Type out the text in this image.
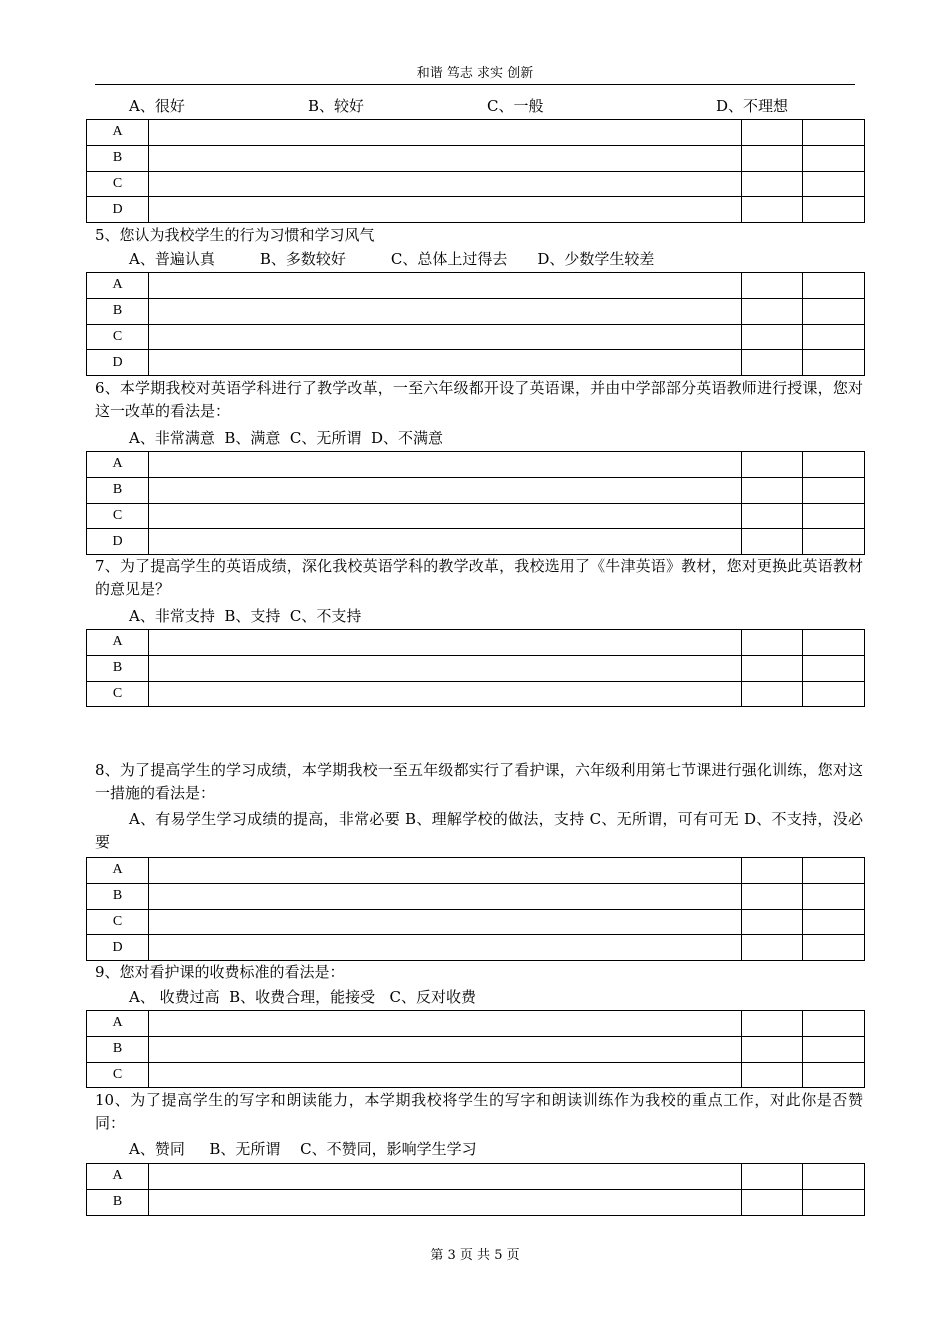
和谐 笃志 求实 创新
A、很好	B、较好	C、一般	D、不理想
A			
B			
C			
D			
5、您认为我校学生的行为习惯和学习风气
A、普遍认真　　　B、多数较好　　　C、总体上过得去　　D、少数学生较差
A			
B			
C			
D			
6、本学期我校对英语学科进行了教学改革，一至六年级都开设了英语课，并由中学部部分英语教师进行授课，您对这一改革的看法是：
A、非常满意  B、满意  C、无所谓  D、不满意
A			
B			
C			
D			
7、为了提高学生的英语成绩，深化我校英语学科的教学改革，我校选用了《牛津英语》教材，您对更换此英语教材的意见是？
A、非常支持  B、支持  C、不支持
A			
B			
C			
8、为了提高学生的学习成绩，本学期我校一至五年级都实行了看护课，六年级利用第七节课进行强化训练，您对这一措施的看法是：
A、有易学生学习成绩的提高，非常必要 B、理解学校的做法，支持 C、无所谓，可有可无 D、不支持，没必要
A			
B			
C			
D			
9、您对看护课的收费标准的看法是：
A、 收费过高  B、收费合理，能接受   C、反对收费
A			
B			
C			
10、为了提高学生的写字和朗读能力，本学期我校将学生的写字和朗读训练作为我校的重点工作，对此你是否赞同：
A、赞同　  B、无所谓　 C、不赞同，影响学生学习
A			
B			
第 3 页 共 5 页
